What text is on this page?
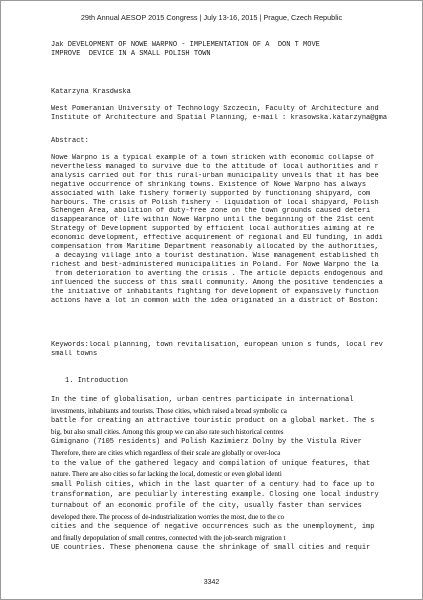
29th Annual AESOP 2015 Congress | July 13-16, 2015 | Prague, Czech Republic
Jak DEVELOPMENT OF NOWE WARPNO - IMPLEMENTATION OF A  DON T MOVE
IMPROVE  DEVICE IN A SMALL POLISH TOWN
Katarzyna Krasdwska
West Pomeranian University of Technology Szczecin, Faculty of Architecture and
Institute of Architecture and Spatial Planning, e-mail : krasowska.katarzyna@gma
Abstract:
Nowe Warpno is a typical example of a town stricken with economic collapse of
nevertheless managed to survive due to the attitude of local authorities and r
analysis carried out for this rural-urban municipality unveils that it has bee
negative occurrence of shrinking towns. Existence of Nowe Warpno has always
associated with lake fishery formerly supported by functioning shipyard, com
harbours. The crisis of Polish fishery - liquidation of local shipyard, Polish
Schengen Area, abolition of duty-free zone on the town grounds caused deteri
disappearance of life within Nowe Warpno until the beginning of the 21st cent
Strategy of Development supported by efficient local authorities aiming at re
economic development, effective acquirement of regional and EU funding, in addi
compensation from Maritime Department reasonably allocated by the authorities,
a decaying village into a tourist destination. Wise management established th
richest and best-administered municipalities in Poland. For Nowe Warpno the la
from deterioration to averting the crisis . The article depicts endogenous and
influenced the success of this small community. Among the positive tendencies a
the initiative of inhabitants fighting for development of expansively function
actions have a lot in common with the idea originated in a district of Boston:
Keywords:local planning, town revitalisation, european union s funds, local rev
small towns
1. Introduction
In the time of globalisation, urban centres participate in international
investments, inhabitants and tourists. Those cities, which raised a broad symbolic ca
battle for creating an attractive touristic product on a global market. The s
big, but also small cities. Among this group we can also rate such historical centres
Gimignano (7105 residents) and Polish Kazimierz Dolny by the Vistula River
Therefore, there are cities which regardless of their scale are globally or over-loca
to the value of the gathered legacy and compilation of unique features, that
nature. There are also cities so far lacking the local, domestic or even global identi
small Polish cities, which in the last quarter of a century had to face up to
transformation, are peculiarly interesting example. Closing one local industry
turnabout of an economic profile of the city, usually faster than services
developed there. The process of de-industrialization worries the most, due to the co
cities and the sequence of negative occurrences such as the unemployment, imp
and finally depopulation of small centres, connected with the job-search migration t
UE countries. These phenomena cause the shrinkage of small cities and requir
3342
